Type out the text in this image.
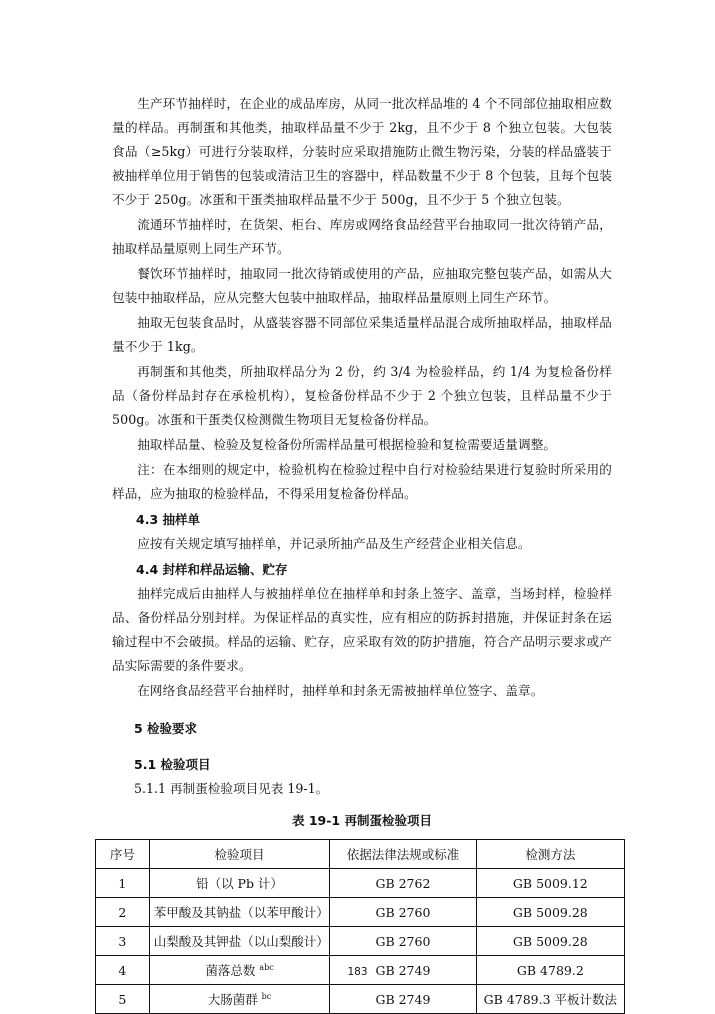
生产环节抽样时，在企业的成品库房，从同一批次样品堆的 4 个不同部位抽取相应数量的样品。再制蛋和其他类，抽取样品量不少于 2kg，且不少于 8 个独立包装。大包装食品（≥5kg）可进行分装取样，分装时应采取措施防止微生物污染，分装的样品盛装于被抽样单位用于销售的包装或清洁卫生的容器中，样品数量不少于 8 个包装，且每个包装不少于 250g。冰蛋和干蛋类抽取样品量不少于 500g，且不少于 5 个独立包装。

流通环节抽样时，在货架、柜台、库房或网络食品经营平台抽取同一批次待销产品，抽取样品量原则上同生产环节。

餐饮环节抽样时，抽取同一批次待销或使用的产品，应抽取完整包装产品，如需从大包装中抽取样品，应从完整大包装中抽取样品，抽取样品量原则上同生产环节。

抽取无包装食品时，从盛装容器不同部位采集适量样品混合成所抽取样品，抽取样品量不少于 1kg。

再制蛋和其他类，所抽取样品分为 2 份，约 3/4 为检验样品，约 1/4 为复检备份样品（备份样品封存在承检机构），复检备份样品不少于 2 个独立包装，且样品量不少于 500g。冰蛋和干蛋类仅检测微生物项目无复检备份样品。

抽取样品量、检验及复检备份所需样品量可根据检验和复检需要适量调整。

注：在本细则的规定中，检验机构在检验过程中自行对检验结果进行复验时所采用的样品，应为抽取的检验样品，不得采用复检备份样品。

4.3 抽样单

应按有关规定填写抽样单，并记录所抽产品及生产经营企业相关信息。

4.4 封样和样品运输、贮存

抽样完成后由抽样人与被抽样单位在抽样单和封条上签字、盖章，当场封样，检验样品、备份样品分别封样。为保证样品的真实性，应有相应的防拆封措施，并保证封条在运输过程中不会破损。样品的运输、贮存，应采取有效的防护措施，符合产品明示要求或产品实际需要的条件要求。

在网络食品经营平台抽样时，抽样单和封条无需被抽样单位签字、盖章。

5 检验要求

5.1 检验项目

5.1.1 再制蛋检验项目见表 19-1。

表 19-1 再制蛋检验项目

序号	检验项目	依据法律法规或标准	检测方法
1	铅（以 Pb 计）	GB 2762	GB 5009.12
2	苯甲酸及其钠盐（以苯甲酸计）	GB 2760	GB 5009.28
3	山梨酸及其钾盐（以山梨酸计）	GB 2760	GB 5009.28
4	菌落总数 $^{abc}$	GB 2749	GB 4789.2
5	大肠菌群 $^{bc}$	GB 2749	GB 4789.3 平板计数法
183
